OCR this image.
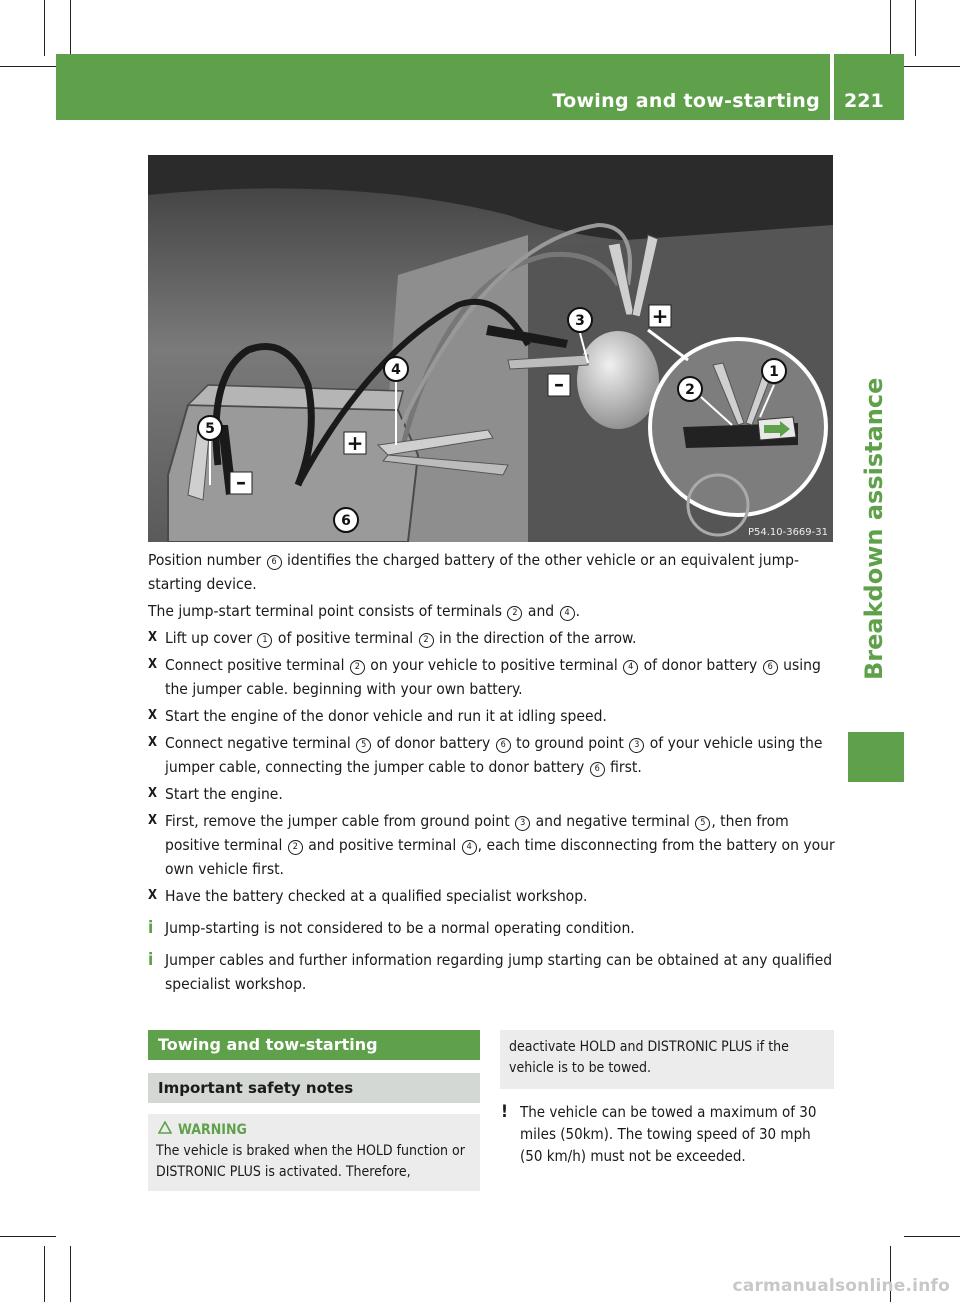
Towing and tow-starting 221
Breakdown assistance
+
–
+
–	1
2
3
4
5
6
P54.10-3669-31

Position number 6 identifies the charged battery of the other vehicle or an equivalent jump-starting device.

The jump-start terminal point consists of terminals 2 and 4 .

X Lift up cover 1 of positive terminal 2 in the direction of the arrow.
X Connect positive terminal 2 on your vehicle to positive terminal 4 of donor battery 6 using the jumper cable. beginning with your own battery.
X Start the engine of the donor vehicle and run it at idling speed.
X Connect negative terminal 5 of donor battery 6 to ground point 3 of your vehicle using the jumper cable, connecting the jumper cable to donor battery 6 first.
X Start the engine.
X First, remove the jumper cable from ground point 3 and negative terminal 5 , then from positive terminal 2 and positive terminal 4 , each time disconnecting from the battery on your own vehicle first.
X Have the battery checked at a qualified specialist workshop.
i Jump-starting is not considered to be a normal operating condition.
i Jumper cables and further information regarding jump starting can be obtained at any qualified specialist workshop.
Towing and tow-starting
Important safety notes
WARNING
The vehicle is braked when the HOLD function or DISTRONIC PLUS is activated. Therefore,
deactivate HOLD and DISTRONIC PLUS if the vehicle is to be towed.
! The vehicle can be towed a maximum of 30 miles (50km). The towing speed of 30 mph (50 km/h) must not be exceeded.
carmanualsonline.info
